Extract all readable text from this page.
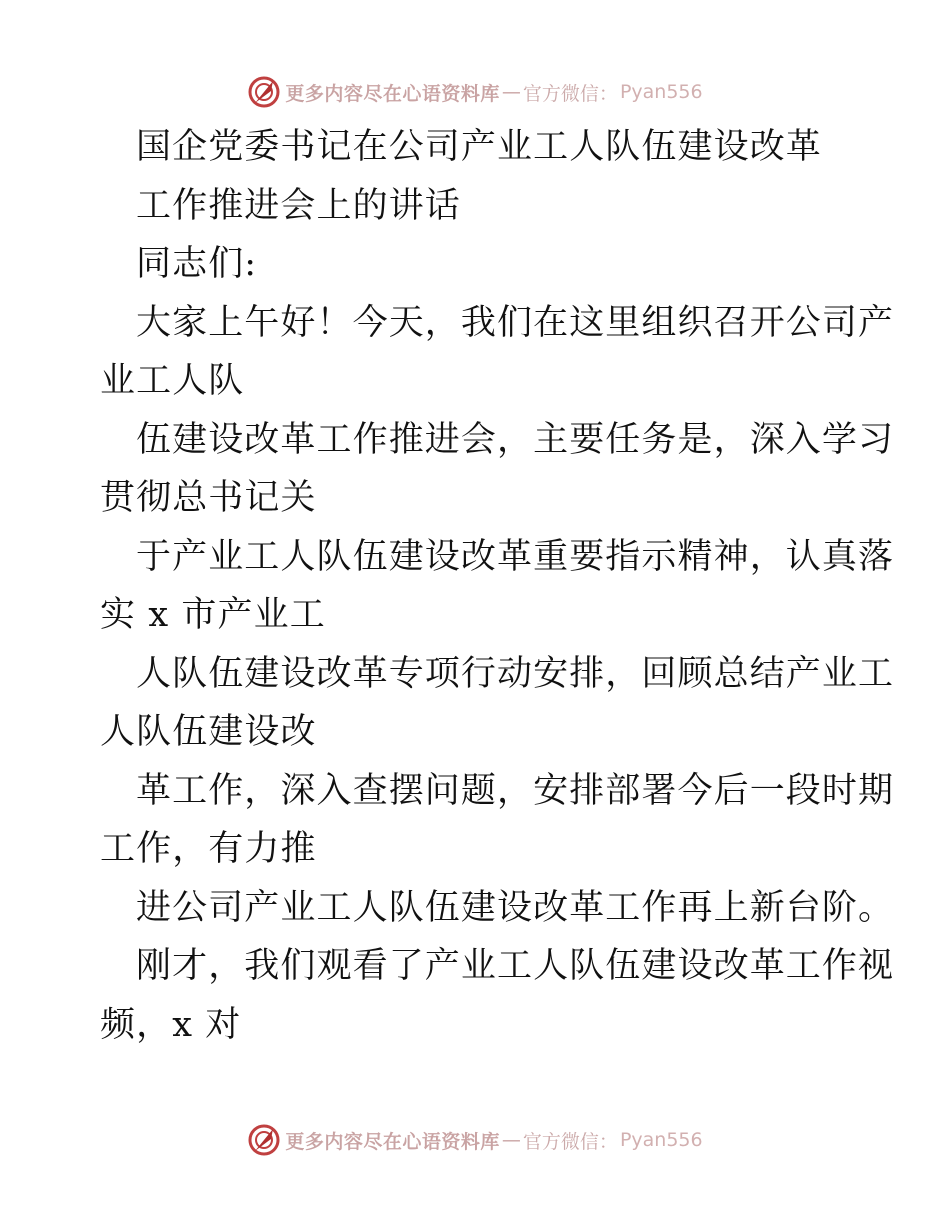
更多内容尽在心语资料库 — 官方微信： Pyan556
国企党委书记在公司产业工人队伍建设改革
工作推进会上的讲话
同志们:
大家上午好！今天，我们在这里组织召开公司产
业工人队
伍建设改革工作推进会，主要任务是，深入学习
贯彻总书记关
于产业工人队伍建设改革重要指示精神，认真落
实 x 市产业工
人队伍建设改革专项行动安排，回顾总结产业工
人队伍建设改
革工作，深入查摆问题，安排部署今后一段时期
工作，有力推
进公司产业工人队伍建设改革工作再上新台阶。
刚才，我们观看了产业工人队伍建设改革工作视
频，x 对
更多内容尽在心语资料库 — 官方微信： Pyan556
